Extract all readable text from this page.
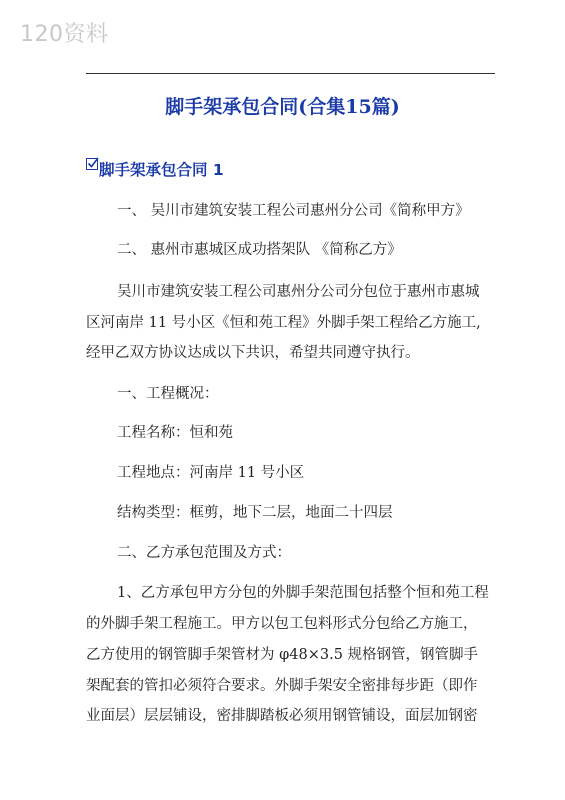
120资料
脚手架承包合同(合集15篇)
脚手架承包合同 1
一、 吴川市建筑安装工程公司惠州分公司《简称甲方》
二、 惠州市惠城区成功搭架队 《简称乙方》
吴川市建筑安装工程公司惠州分公司分包位于惠州市惠城
区河南岸 11 号小区《恒和苑工程》外脚手架工程给乙方施工,
经甲乙双方协议达成以下共识，希望共同遵守执行。
一、工程概况：
工程名称：恒和苑
工程地点：河南岸 11 号小区
结构类型：框剪，地下二层，地面二十四层
二、乙方承包范围及方式：
1、乙方承包甲方分包的外脚手架范围包括整个恒和苑工程
的外脚手架工程施工。甲方以包工包料形式分包给乙方施工，
乙方使用的钢管脚手架管材为 φ48×3.5 规格钢管，钢管脚手
架配套的管扣必须符合要求。外脚手架安全密排每步距（即作
业面层）层层铺设，密排脚踏板必须用钢管铺设，面层加钢密
